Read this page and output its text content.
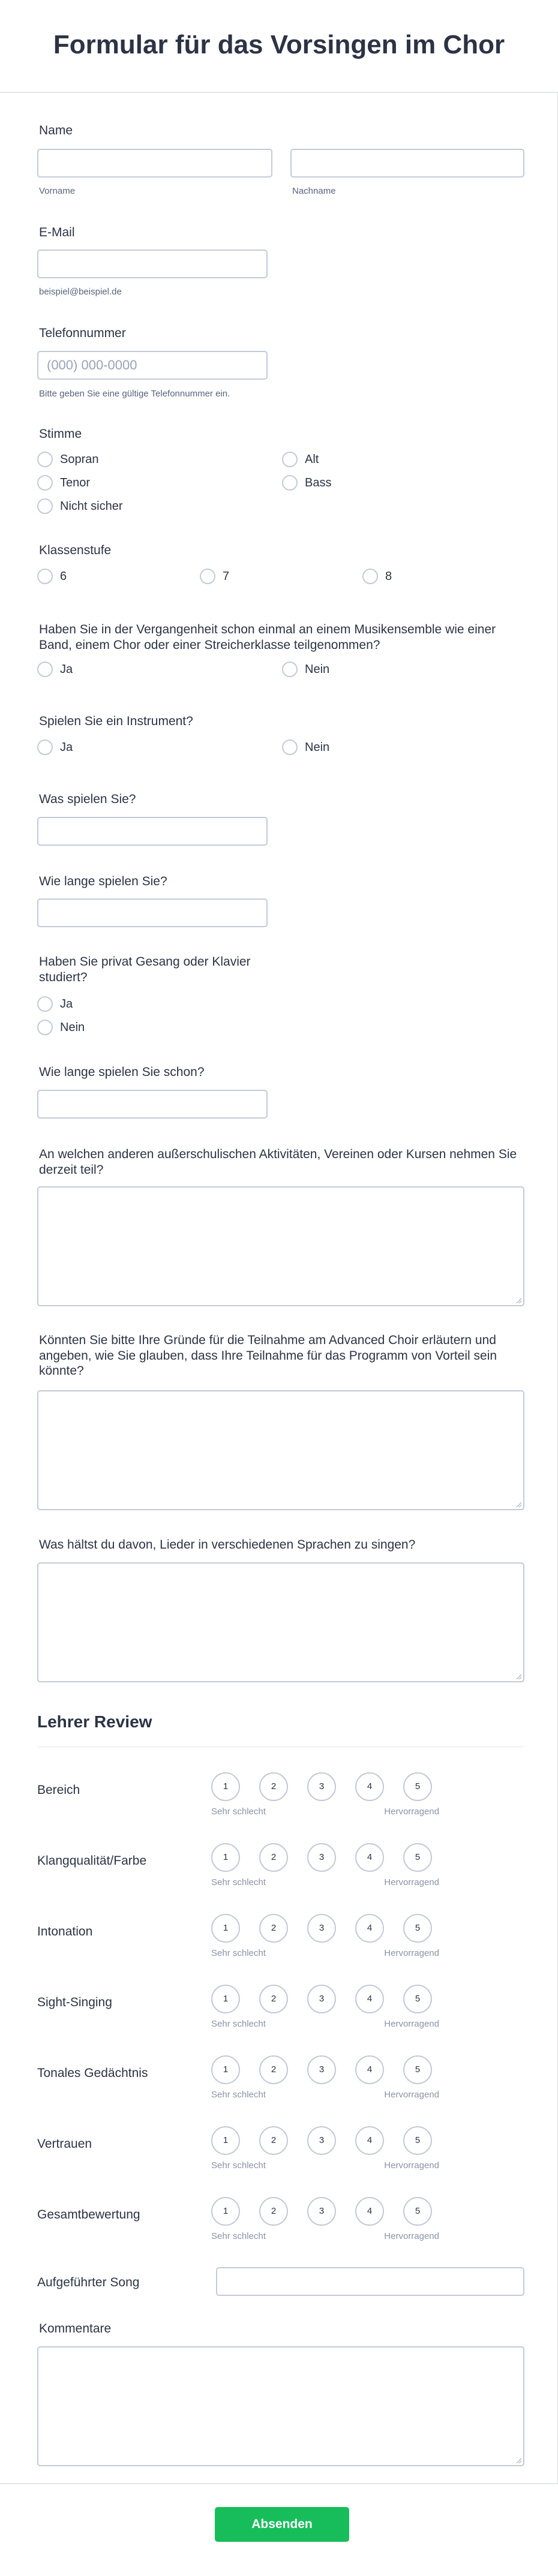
Formular für das Vorsingen im Chor
Name
Vorname	Nachname
E-Mail
beispiel@beispiel.de
Telefonnummer
(000) 000-0000
Bitte geben Sie eine gültige Telefonnummer ein.
Stimme
Sopran	Alt
Tenor	Bass
Nicht sicher
Klassenstufe
6	7	8
Haben Sie in der Vergangenheit schon einmal an einem Musikensemble wie einer Band, einem Chor oder einer Streicherklasse teilgenommen?
Ja	Nein
Spielen Sie ein Instrument?
Ja	Nein
Was spielen Sie?
Wie lange spielen Sie?
Haben Sie privat Gesang oder Klavier studiert?
Ja
Nein
Wie lange spielen Sie schon?
An welchen anderen außerschulischen Aktivitäten, Vereinen oder Kursen nehmen Sie derzeit teil?
Könnten Sie bitte Ihre Gründe für die Teilnahme am Advanced Choir erläutern und angeben, wie Sie glauben, dass Ihre Teilnahme für das Programm von Vorteil sein könnte?
Was hältst du davon, Lieder in verschiedenen Sprachen zu singen?
Lehrer Review
Bereich	1	2	3	4	5
Sehr schlecht	Hervorragend
Klangqualität/Farbe	1	2	3	4	5
Sehr schlecht	Hervorragend
Intonation	1	2	3	4	5
Sehr schlecht	Hervorragend
Sight-Singing	1	2	3	4	5
Sehr schlecht	Hervorragend
Tonales Gedächtnis	1	2	3	4	5
Sehr schlecht	Hervorragend
Vertrauen	1	2	3	4	5
Sehr schlecht	Hervorragend
Gesamtbewertung	1	2	3	4	5
Sehr schlecht	Hervorragend
Aufgeführter Song
Kommentare
Absenden
